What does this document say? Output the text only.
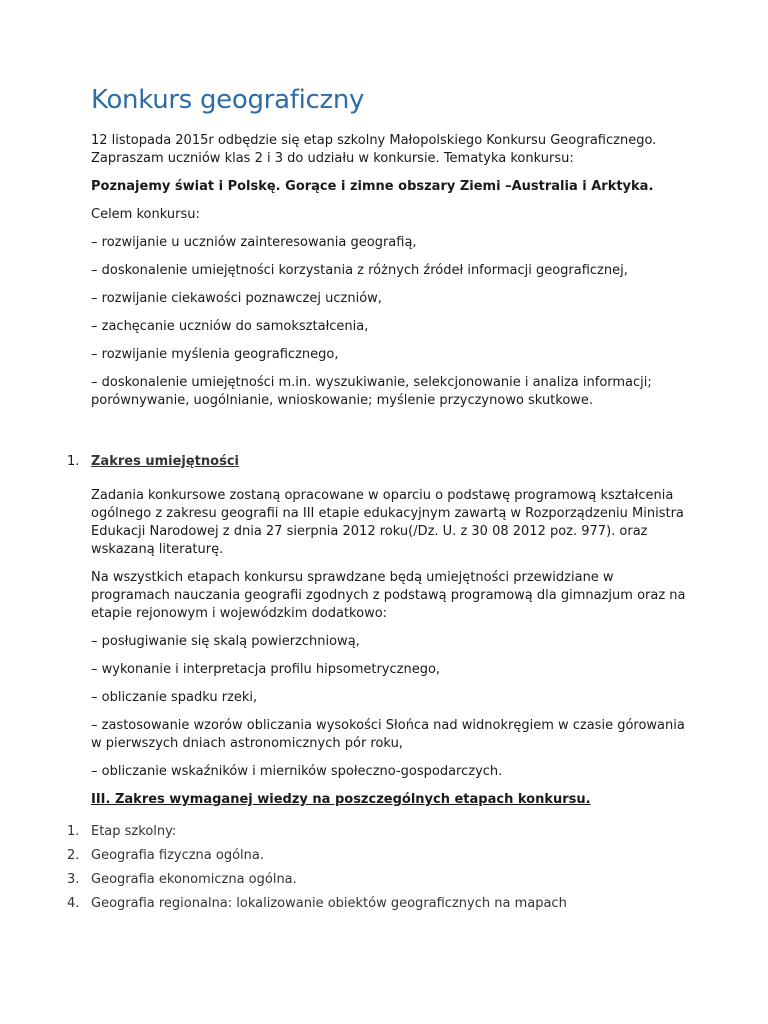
Konkurs geograficzny

12 listopada 2015r odbędzie się etap szkolny Małopolskiego Konkursu Geograficznego. Zapraszam uczniów klas 2 i 3 do udziału w konkursie. Tematyka konkursu:

Poznajemy świat i Polskę. Gorące i zimne obszary Ziemi –Australia i Arktyka.

Celem konkursu:

– rozwijanie u uczniów zainteresowania geografią,

– doskonalenie umiejętności korzystania z różnych źródeł informacji geograficznej,

– rozwijanie ciekawości poznawczej uczniów,

– zachęcanie uczniów do samokształcenia,

– rozwijanie myślenia geograficznego,

– doskonalenie umiejętności m.in. wyszukiwanie, selekcjonowanie i analiza informacji; porównywanie, uogólnianie, wnioskowanie; myślenie przyczynowo skutkowe.

1. Zakres umiejętności

Zadania konkursowe zostaną opracowane w oparciu o podstawę programową kształcenia ogólnego z zakresu geografii na III etapie edukacyjnym zawartą w Rozporządzeniu Ministra Edukacji Narodowej z dnia 27 sierpnia 2012 roku(/Dz. U. z 30 08 2012 poz. 977). oraz wskazaną literaturę.

Na wszystkich etapach konkursu sprawdzane będą umiejętności przewidziane w programach nauczania geografii zgodnych z podstawą programową dla gimnazjum oraz na etapie rejonowym i wojewódzkim dodatkowo:

– posługiwanie się skalą powierzchniową,

– wykonanie i interpretacja profilu hipsometrycznego,

– obliczanie spadku rzeki,

– zastosowanie wzorów obliczania wysokości Słońca nad widnokręgiem w czasie górowania w pierwszych dniach astronomicznych pór roku,

– obliczanie wskaźników i mierników społeczno-gospodarczych.

III. Zakres wymaganej wiedzy na poszczególnych etapach konkursu.

1. Etap szkolny:
2. Geografia fizyczna ogólna.
3. Geografia ekonomiczna ogólna.
4. Geografia regionalna: lokalizowanie obiektów geograficznych na mapach
